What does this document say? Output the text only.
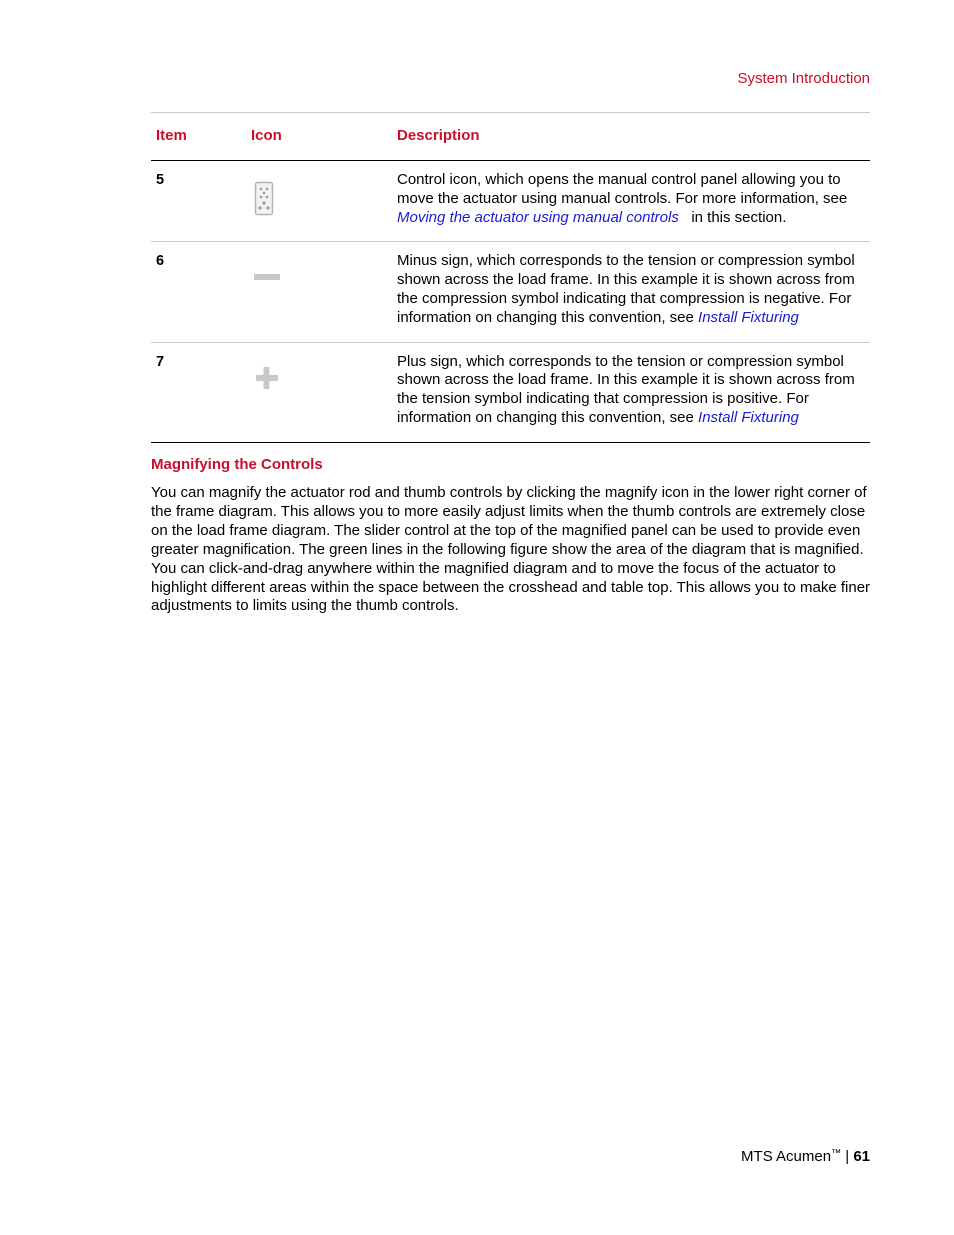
System Introduction
Item	Icon	Description
5	Control icon, which opens the manual control panel allowing you to move the actuator using manual controls. For more information, see Moving the actuator using manual controls   in this section.
6	Minus sign, which corresponds to the tension or compression symbol shown across the load frame. In this example it is shown across from the compression symbol indicating that compression is negative. For information on changing this convention, see Install Fixturing
7	Plus sign, which corresponds to the tension or compression symbol shown across the load frame. In this example it is shown across from the tension symbol indicating that compression is positive. For information on changing this convention, see Install Fixturing
Magnifying the Controls
You can magnify the actuator rod and thumb controls by clicking the magnify icon in the lower right corner of the frame diagram. This allows you to more easily adjust limits when the thumb controls are extremely close on the load frame diagram. The slider control at the top of the magnified panel can be used to provide even greater magnification. The green lines in the following figure show the area of the diagram that is magnified. You can click-and-drag anywhere within the magnified diagram and to move the focus of the actuator to highlight different areas within the space between the crosshead and table top. This allows you to make finer adjustments to limits using the thumb controls.
MTS Acumen™ | 61
